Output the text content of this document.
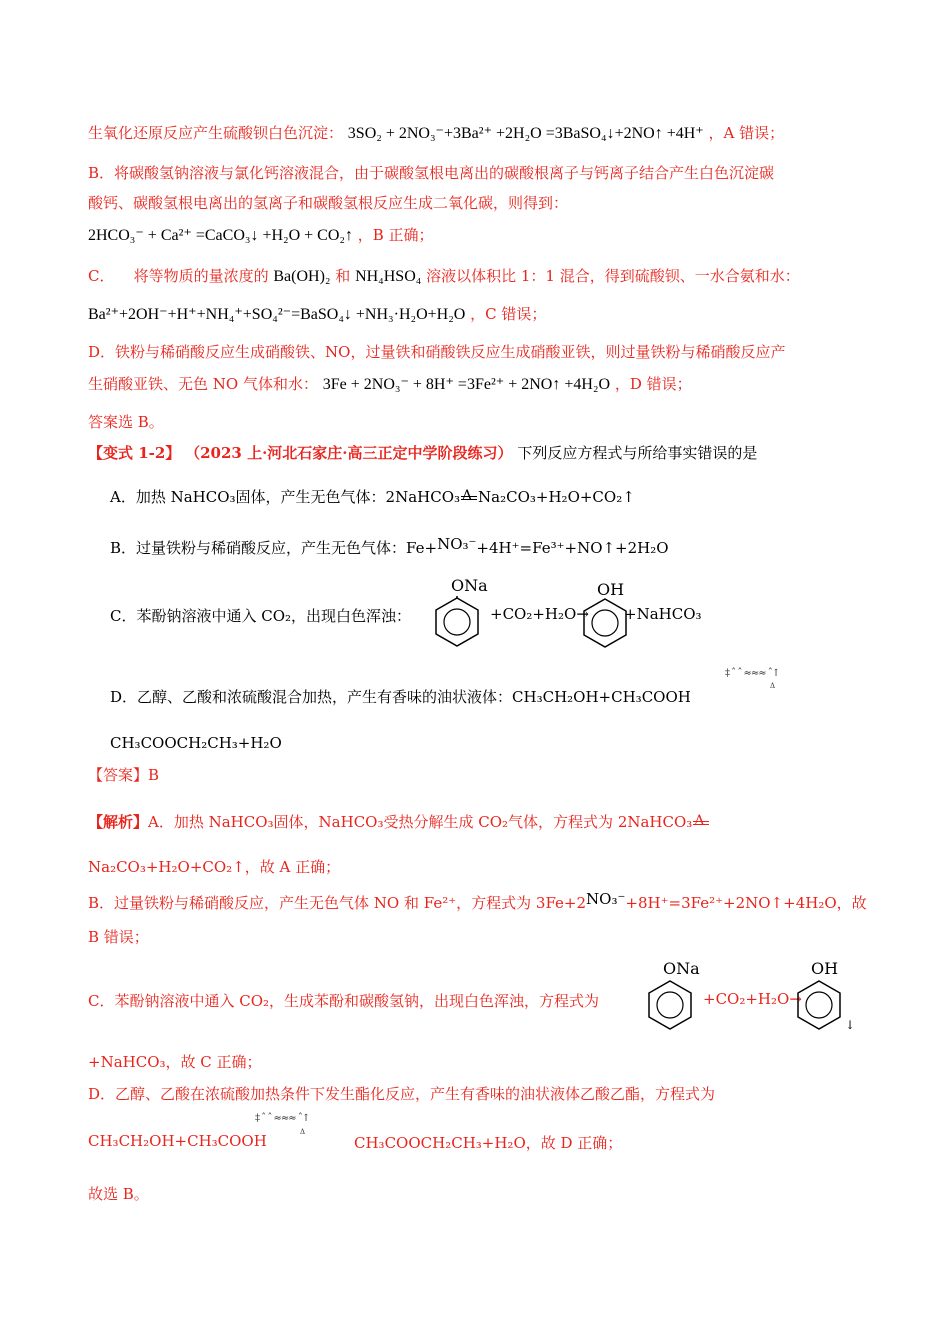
生氧化还原反应产生硫酸钡白色沉淀： 3SO₂ + 2NO₃⁻+3Ba²⁺ +2H₂O =3BaSO₄↓+2NO↑ +4H⁺ ，A 错误；
B．将碳酸氢钠溶液与氯化钙溶液混合，由于碳酸氢根电离出的碳酸根离子与钙离子结合产生白色沉淀碳
酸钙、碳酸氢根电离出的氢离子和碳酸氢根反应生成二氧化碳，则得到：
2HCO₃⁻ + Ca²⁺ =CaCO₃↓ +H₂O + CO₂↑ ，B 正确；
C． 将等物质的量浓度的 Ba(OH)₂ 和 NH₄HSO₄ 溶液以体积比 1：1 混合，得到硫酸钡、一水合氨和水：
Ba²⁺+2OH⁻+H⁺+NH₄⁺+SO₄²⁻=BaSO₄↓ +NH₃·H₂O+H₂O ，C 错误；
D．铁粉与稀硝酸反应生成硝酸铁、NO，过量铁和硝酸铁反应生成硝酸亚铁，则过量铁粉与稀硝酸反应产
生硝酸亚铁、无色 NO 气体和水： 3Fe + 2NO₃⁻ + 8H⁺ =3Fe²⁺ + 2NO↑ +4H₂O ，D 错误；
答案选 B。
【变式 1-2】 （2023 上·河北石家庄·高三正定中学阶段练习） 下列反应方程式与所给事实错误的是
A．加热 NaHCO₃固体，产生无色气体：2NaHCO₃ Δ Na₂CO₃+H₂O+CO₂↑
B．过量铁粉与稀硝酸反应，产生无色气体：Fe+NO₃⁻+4H⁺=Fe³⁺+NO↑+2H₂O
C．苯酚钠溶液中通入 CO₂，出现白色浑浊：
ONa
+CO₂+H₂O→
OH
+NaHCO₃
D．乙醇、乙酸和浓硫酸混合加热，产生有香味的油状液体：CH₃CH₂OH+CH₃COOH
‡ ˆ ˆ ≈≈≈ ˆ↑
Δ
CH₃COOCH₂CH₃+H₂O
【答案】B
【解析】A．加热 NaHCO₃固体，NaHCO₃受热分解生成 CO₂气体，方程式为 2NaHCO₃ Δ
Na₂CO₃+H₂O+CO₂↑，故 A 正确；
B．过量铁粉与稀硝酸反应，产生无色气体 NO 和 Fe²⁺，方程式为 3Fe+2NO₃⁻+8H⁺=3Fe²⁺+2NO↑+4H₂O，故
B 错误；
C．苯酚钠溶液中通入 CO₂，生成苯酚和碳酸氢钠，出现白色浑浊，方程式为
ONa
+CO₂+H₂O→
OH
↓
+NaHCO₃，故 C 正确；
D．乙醇、乙酸在浓硫酸加热条件下发生酯化反应，产生有香味的油状液体乙酸乙酯，方程式为
CH₃CH₂OH+CH₃COOH
‡ ˆ ˆ ≈≈≈ ˆ↑
Δ
CH₃COOCH₂CH₃+H₂O，故 D 正确；
故选 B。
